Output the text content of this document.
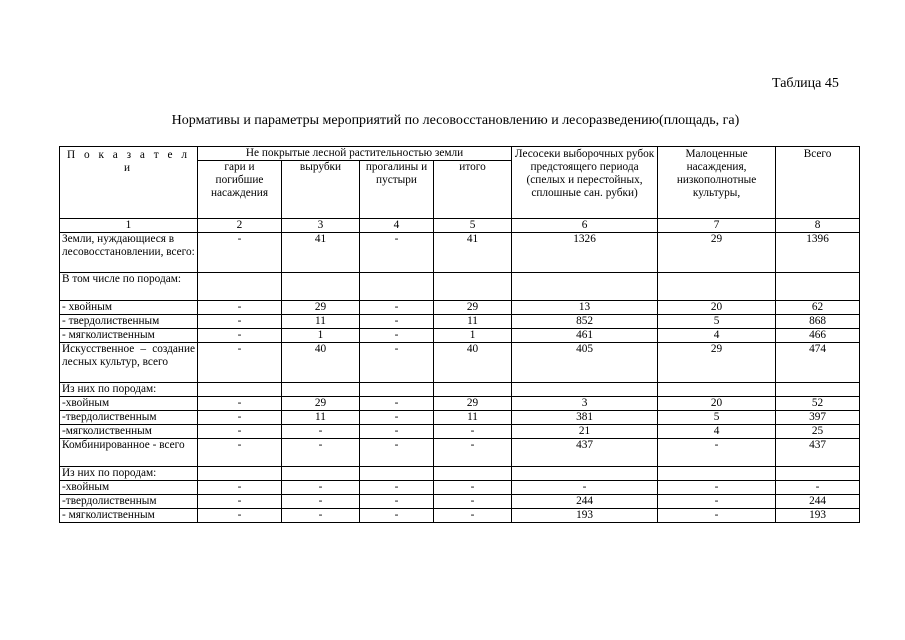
Таблица 45
Нормативы и параметры мероприятий по лесовосстановлению и лесоразведению(площадь, га)
П о к а з а т е л и	Не покрытые лесной растительностью земли				Лесосеки выборочных рубок предстоящего периода (спелых и перестойных, сплошные сан. рубки)	Малоценные насаждения, низкополнотные культуры,	Всего
	гари и погибшие насаждения	вырубки	прогалины и пустыри	итого			
1	2	3	4	5	6	7	8
Земли, нуждающиеся в лесовосстановлении, всего:	-	41	-	41	1326	29	1396
В том числе по породам:							
- хвойным	-	29	-	29	13	20	62
- твердолиственным	-	11	-	11	852	5	868
- мягколиственным	-	1	-	1	461	4	466
Искусственное – создание лесных культур, всего	-	40	-	40	405	29	474
Из них по породам:							
-хвойным	-	29	-	29	3	20	52
-твердолиственным	-	11	-	11	381	5	397
-мягколиственным	-	-	-	-	21	4	25
Комбинированное - всего	-	-	-	-	437	-	437
Из них по породам:							
-хвойным	-	-	-	-	-	-	-
-твердолиственным	-	-	-	-	244	-	244
- мягколиственным	-	-	-	-	193	-	193
